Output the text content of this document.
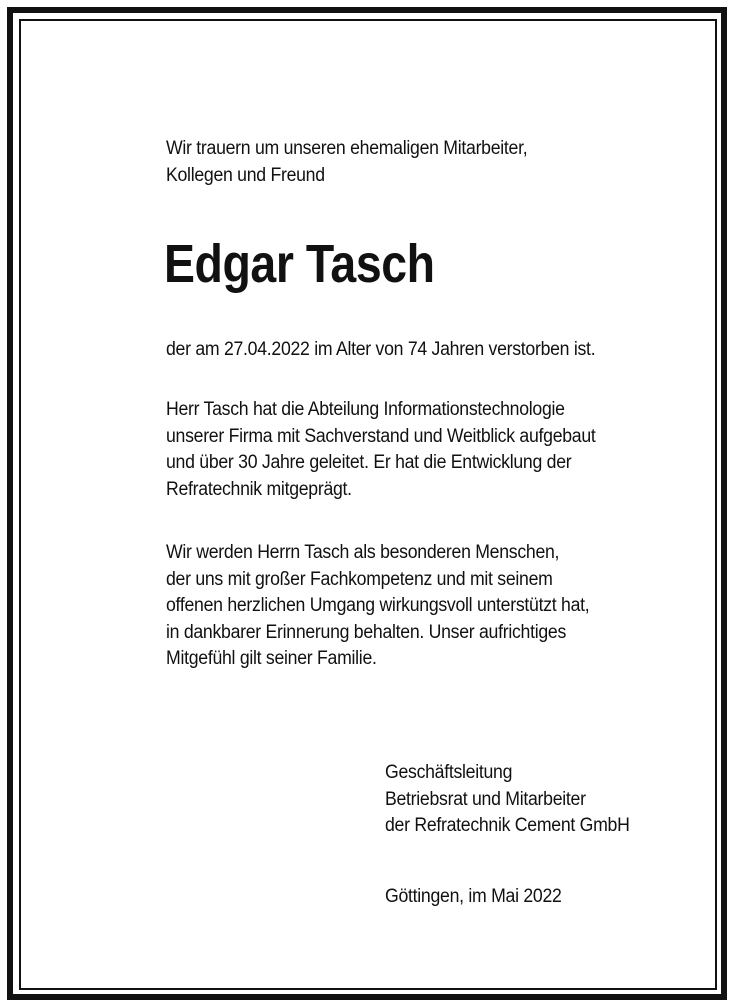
Wir trauern um unseren ehemaligen Mitarbeiter,
Kollegen und Freund
Edgar Tasch
der am 27.04.2022 im Alter von 74 Jahren verstorben ist.
Herr Tasch hat die Abteilung Informationstechnologie
unserer Firma mit Sachverstand und Weitblick aufgebaut
und über 30 Jahre geleitet. Er hat die Entwicklung der
Refratechnik mitgeprägt.
Wir werden Herrn Tasch als besonderen Menschen,
der uns mit großer Fachkompetenz und mit seinem
offenen herzlichen Umgang wirkungsvoll unterstützt hat,
in dankbarer Erinnerung behalten. Unser aufrichtiges
Mitgefühl gilt seiner Familie.
Geschäftsleitung
Betriebsrat und Mitarbeiter
der Refratechnik Cement GmbH
Göttingen, im Mai 2022
